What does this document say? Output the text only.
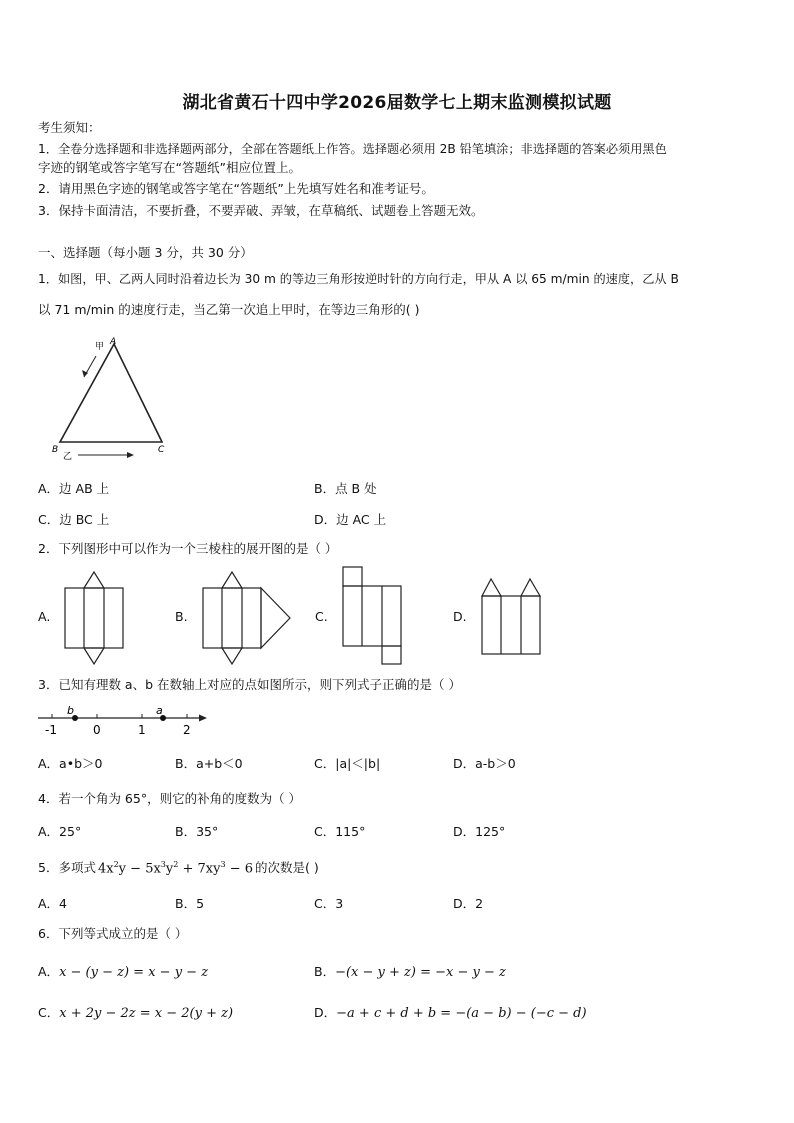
湖北省黄石十四中学2026届数学七上期末监测模拟试题
考生须知：
1．全卷分选择题和非选择题两部分，全部在答题纸上作答。选择题必须用 2B 铅笔填涂；非选择题的答案必须用黑色
字迹的钢笔或答字笔写在“答题纸”相应位置上。
2．请用黑色字迹的钢笔或答字笔在“答题纸”上先填写姓名和准考证号。
3．保持卡面清洁，不要折叠，不要弄破、弄皱，在草稿纸、试题卷上答题无效。
一、选择题（每小题 3 分，共 30 分）
1．如图，甲、乙两人同时沿着边长为 30 m 的等边三角形按逆时针的方向行走，甲从 A 以 65 m/min 的速度，乙从 B
以 71 m/min 的速度行走，当乙第一次追上甲时，在等边三角形的( )
甲 A
B	C
乙
A．边 AB 上	B．点 B 处
C．边 BC 上	D．边 AC 上
2．下列图形中可以作为一个三棱柱的展开图的是（ ）
A.	B.	C.	D.
3．已知有理数 a、b 在数轴上对应的点如图所示，则下列式子正确的是（ ）
b	a
-1	0	1	2
A．a•b＞0	B．a+b＜0	C．|a|＜|b|	D．a-b＞0
4．若一个角为 65°，则它的补角的度数为（ ）
A．25°	B．35°	C．115°	D．125°
5．多项式 $4x^2y - 5x^3y^2 + 7xy^3 - 6$ 的次数是( )
A．4	B．5	C．3	D．2
6．下列等式成立的是（ ）
A．x − (y − z) = x − y − z	B．−(x − y + z) = −x − y − z
C．x + 2y − 2z = x − 2(y + z)	D．−a + c + d + b = −(a − b) − (−c − d)
